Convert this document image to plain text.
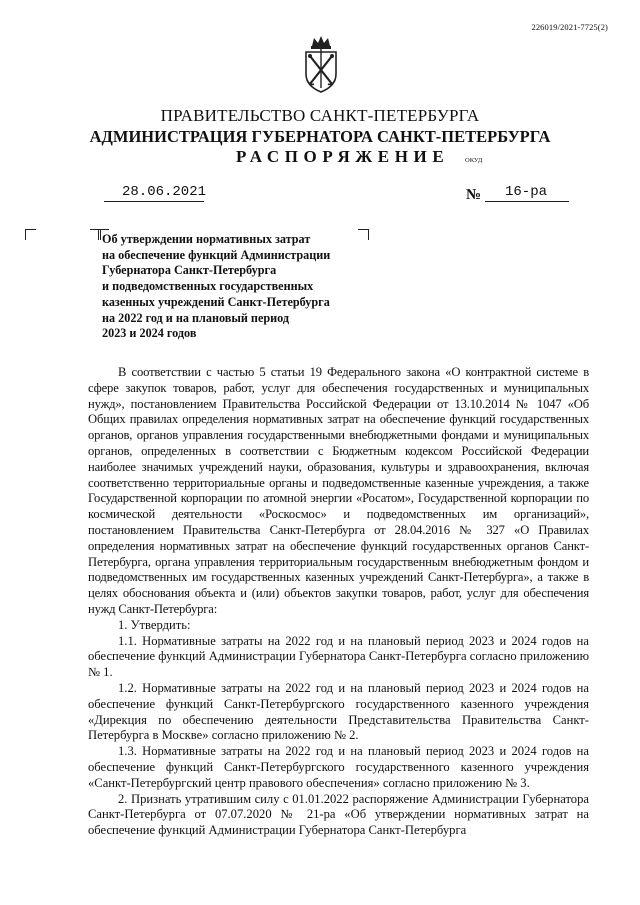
226019/2021-7725(2)
ПРАВИТЕЛЬСТВО САНКТ-ПЕТЕРБУРГА
АДМИНИСТРАЦИЯ ГУБЕРНАТОРА САНКТ-ПЕТЕРБУРГА
РАСПОРЯЖЕНИЕ ОКУД
28.06.2021	№ 16-ра
Об утверждении нормативных затрат
на обеспечение функций Администрации
Губернатора Санкт-Петербурга
и подведомственных государственных
казенных учреждений Санкт-Петербурга
на 2022 год и на плановый период
2023 и 2024 годов

В соответствии с частью 5 статьи 19 Федерального закона «О контрактной системе в сфере закупок товаров, работ, услуг для обеспечения государственных и муниципальных нужд», постановлением Правительства Российской Федерации от 13.10.2014 № 1047 «Об Общих правилах определения нормативных затрат на обеспечение функций государственных органов, органов управления государственными внебюджетными фондами и муниципальных органов, определенных в соответствии с Бюджетным кодексом Российской Федерации наиболее значимых учреждений науки, образования, культуры и здравоохранения, включая соответственно территориальные органы и подведомственные казенные учреждения, а также Государственной корпорации по атомной энергии «Росатом», Государственной корпорации по космической деятельности «Роскосмос» и подведомственных им организаций», постановлением Правительства Санкт-Петербурга от 28.04.2016 № 327 «О Правилах определения нормативных затрат на обеспечение функций государственных органов Санкт-Петербурга, органа управления территориальным государственным внебюджетным фондом и подведомственных им государственных казенных учреждений Санкт-Петербурга», а также в целях обоснования объекта и (или) объектов закупки товаров, работ, услуг для обеспечения нужд Санкт-Петербурга:

1. Утвердить:

1.1. Нормативные затраты на 2022 год и на плановый период 2023 и 2024 годов на обеспечение функций Администрации Губернатора Санкт-Петербурга согласно приложению № 1.

1.2. Нормативные затраты на 2022 год и на плановый период 2023 и 2024 годов на обеспечение функций Санкт-Петербургского государственного казенного учреждения «Дирекция по обеспечению деятельности Представительства Правительства Санкт-Петербурга в Москве» согласно приложению № 2.

1.3. Нормативные затраты на 2022 год и на плановый период 2023 и 2024 годов на обеспечение функций Санкт-Петербургского государственного казенного учреждения «Санкт-Петербургский центр правового обеспечения» согласно приложению № 3.

2. Признать утратившим силу с 01.01.2022 распоряжение Администрации Губернатора Санкт-Петербурга от 07.07.2020 № 21-ра «Об утверждении нормативных затрат на обеспечение функций Администрации Губернатора Санкт-Петербурга
